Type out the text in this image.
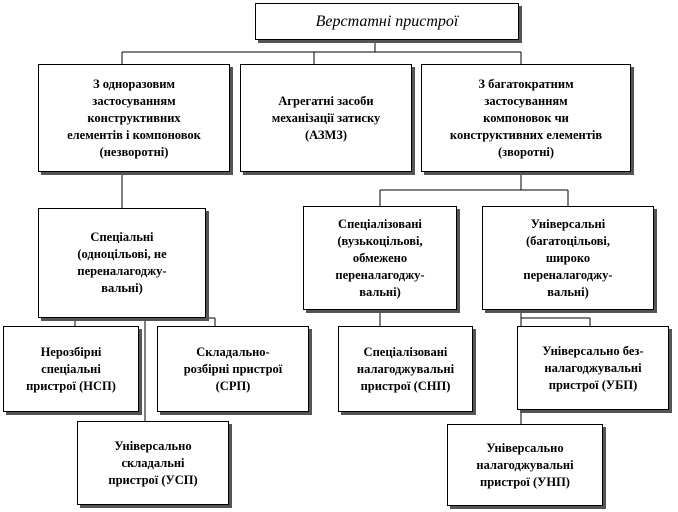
Верстатні пристрої
З одноразовим
застосуванням
конструктивних
елементів і компоновок
(незворотні)
Агрегатні засоби
механізації затиску
(АЗМЗ)
З багатократним
застосуванням
компоновок чи
конструктивних елементів
(зворотні)
Спеціальні
(одноцільові, не
переналагоджу-
вальні)
Спеціалізовані
(вузькоцільові,
обмежено
переналагоджу-
вальні)
Універсальні
(багатоцільові,
широко
переналагоджу-
вальні)
Нерозбірні
спеціальні
пристрої (НСП)
Складально-
розбірні пристрої
(СРП)
Спеціалізовані
налагоджувальні
пристрої (СНП)
Універсально без-
налагоджувальні
пристрої (УБП)
Універсально
складальні
пристрої (УСП)
Універсально
налагоджувальні
пристрої (УНП)
